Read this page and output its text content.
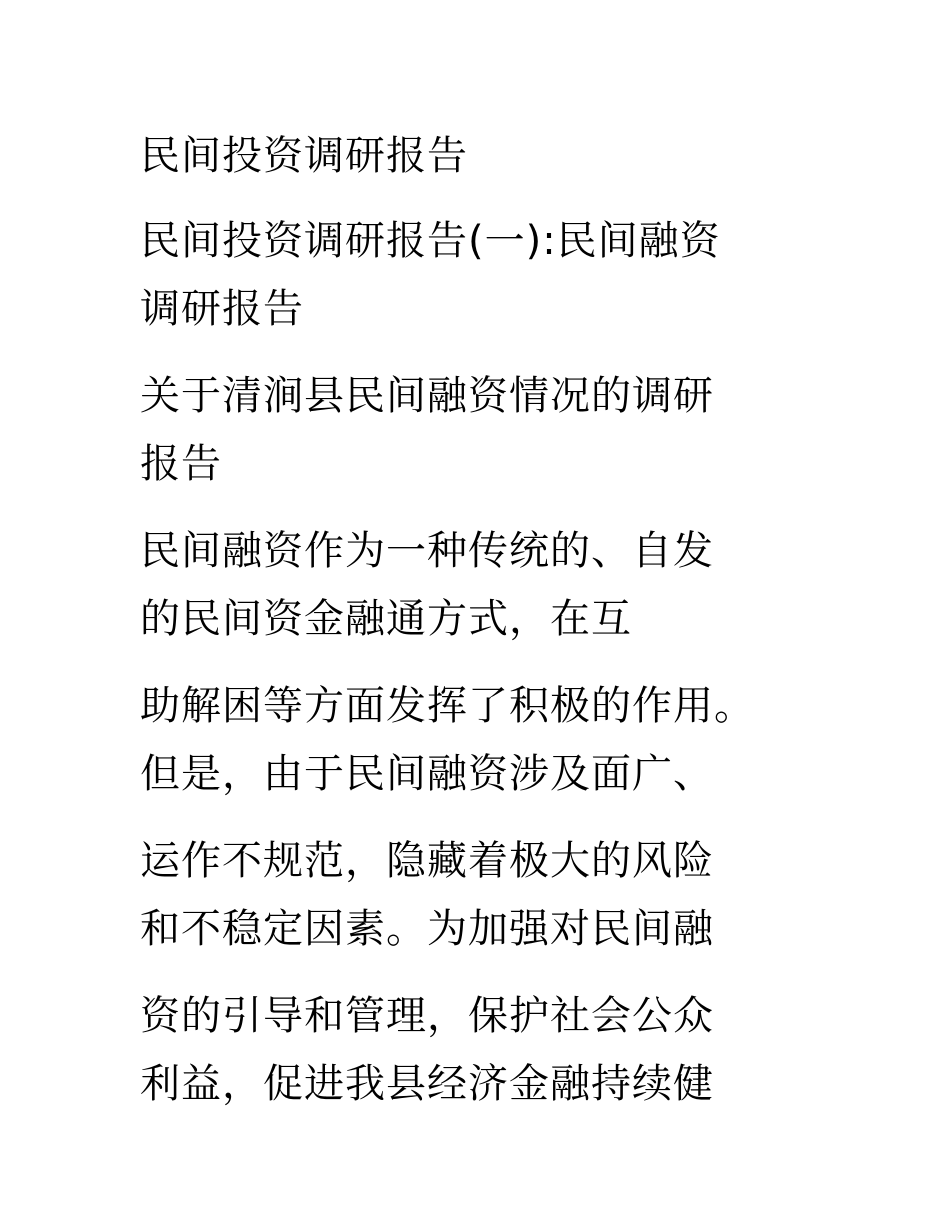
民间投资调研报告
民间投资调研报告(一):民间融资
调研报告
关于清涧县民间融资情况的调研
报告
民间融资作为一种传统的、自发
的民间资金融通方式，在互
助解困等方面发挥了积极的作用。
但是，由于民间融资涉及面广、
运作不规范，隐藏着极大的风险
和不稳定因素。为加强对民间融
资的引导和管理，保护社会公众
利益，促进我县经济金融持续健
